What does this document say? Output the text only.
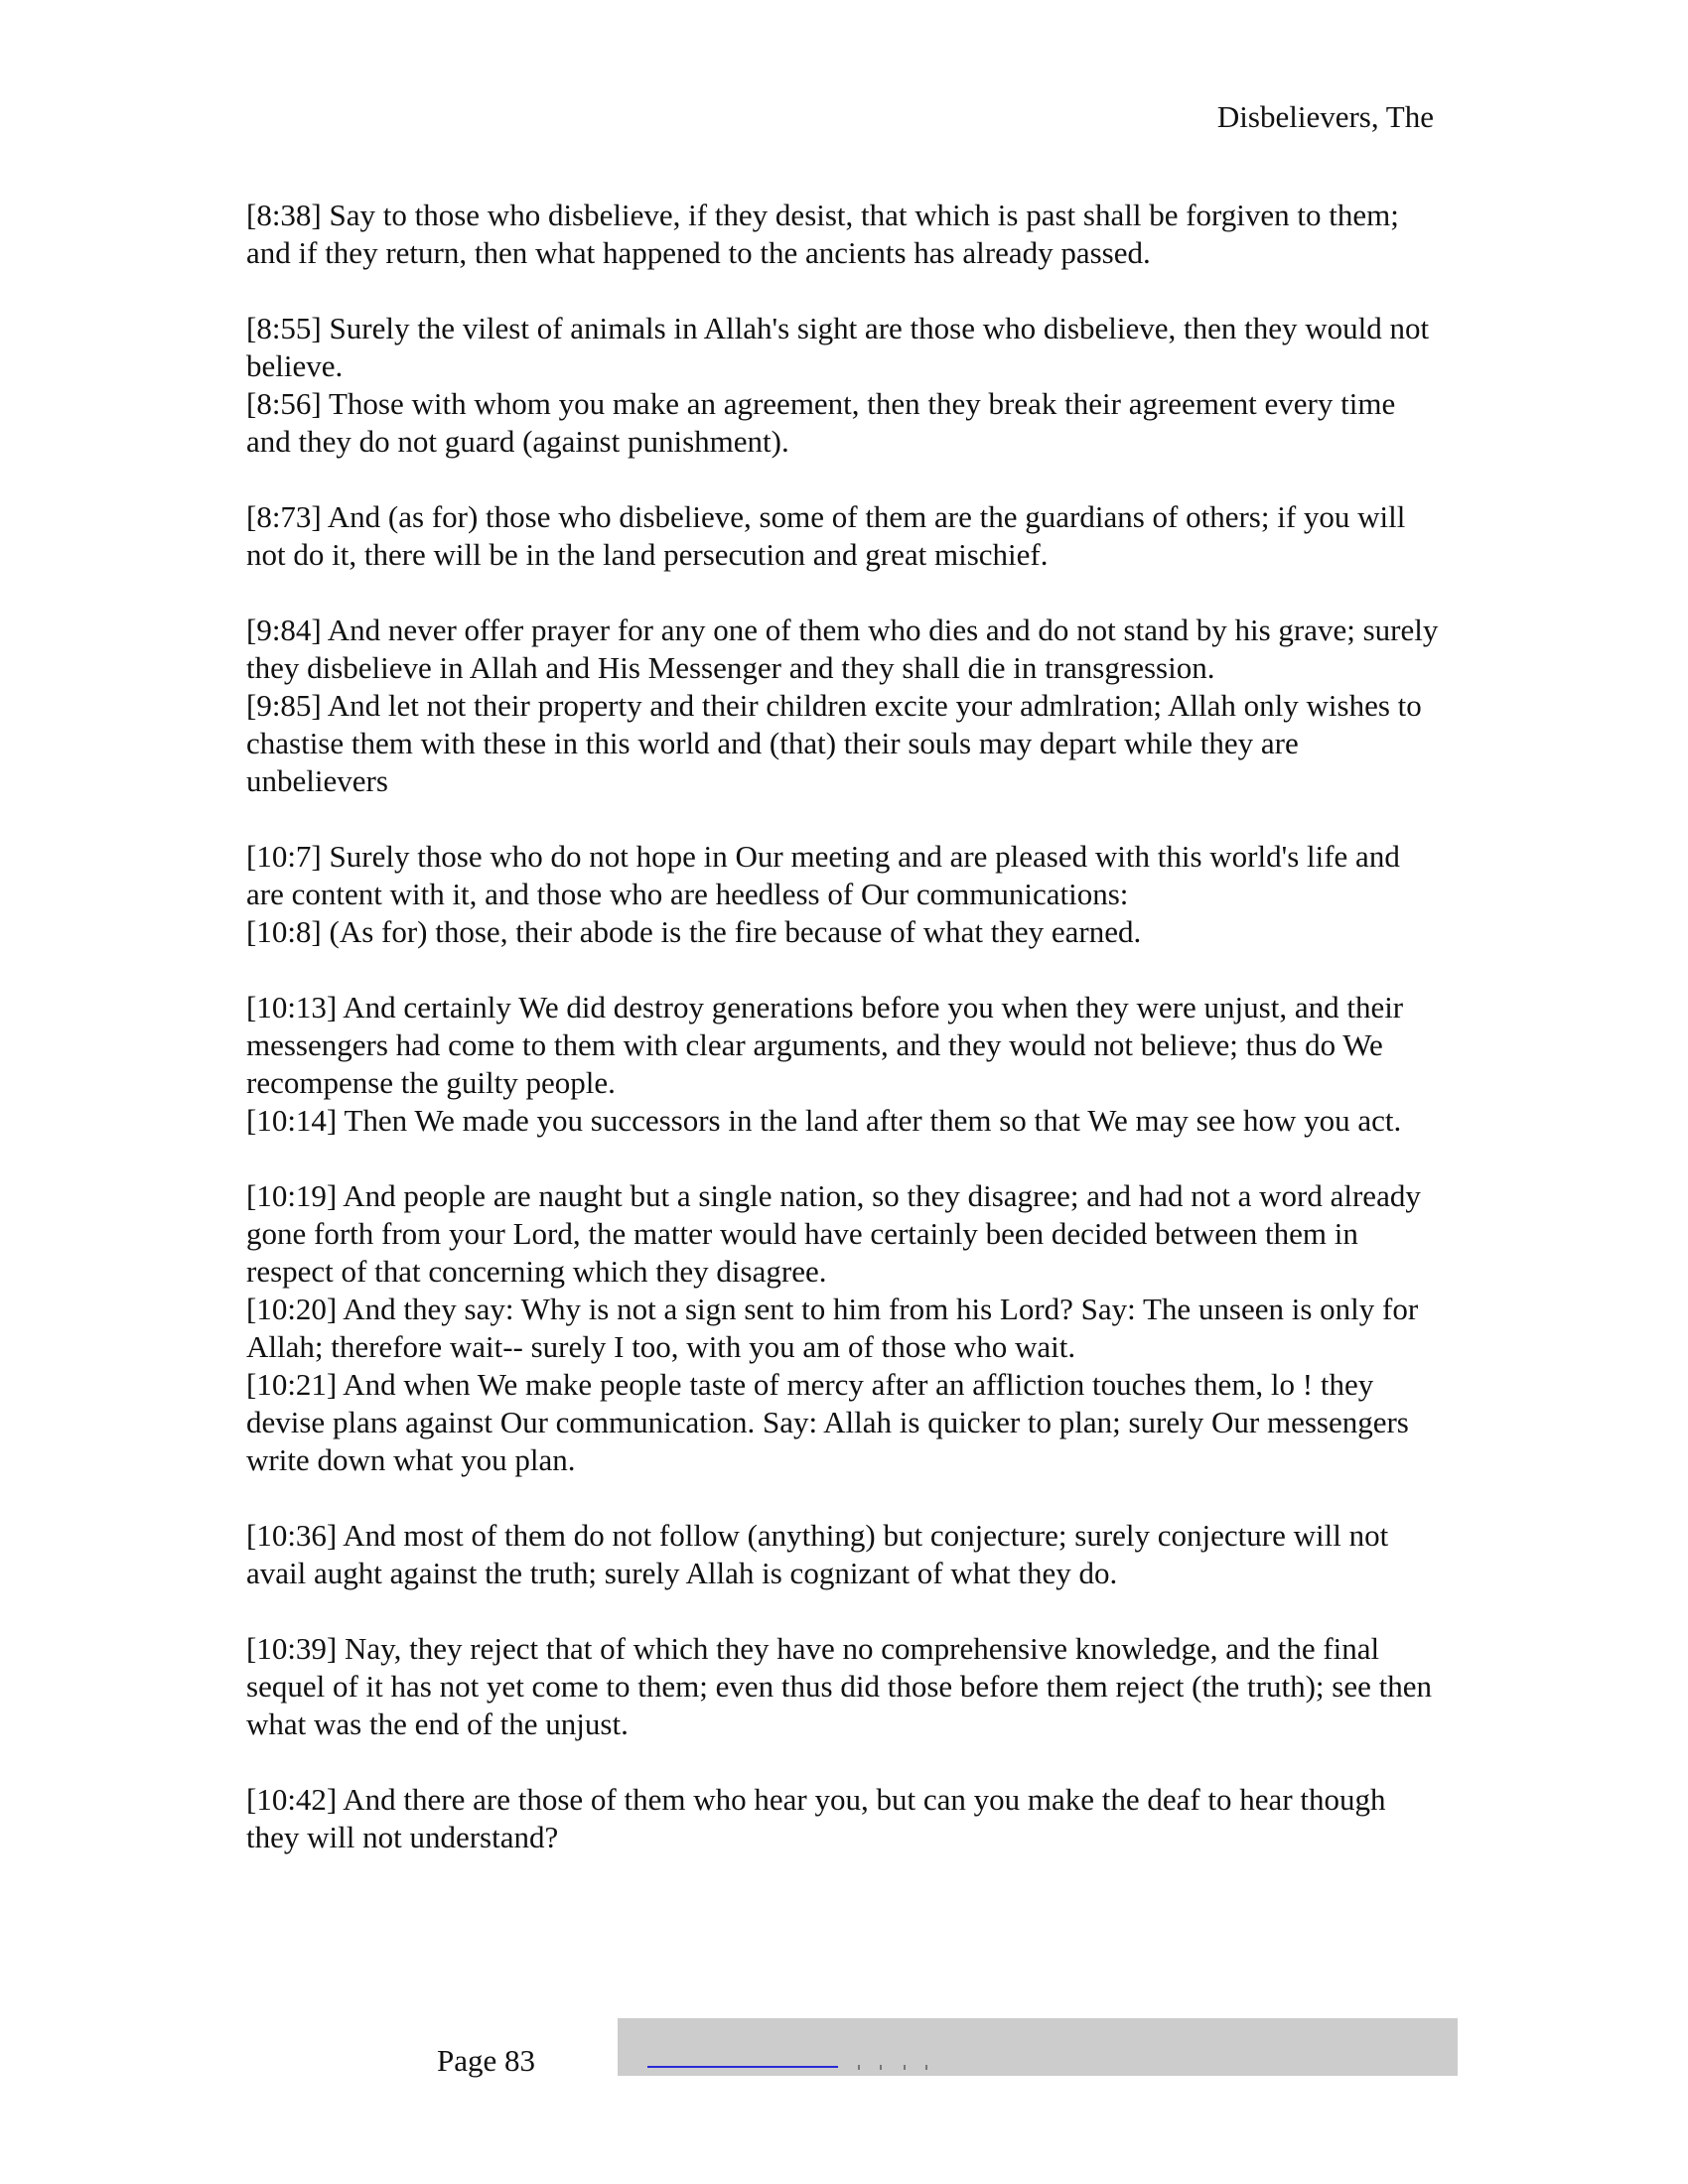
Disbelievers, The

[8:38] Say to those who disbelieve, if they desist, that which is past shall be forgiven to them; and if they return, then what happened to the ancients has already passed.

[8:55] Surely the vilest of animals in Allah's sight are those who disbelieve, then they would not believe.
[8:56] Those with whom you make an agreement, then they break their agreement every time and they do not guard (against punishment).

[8:73] And (as for) those who disbelieve, some of them are the guardians of others; if you will not do it, there will be in the land persecution and great mischief.

[9:84] And never offer prayer for any one of them who dies and do not stand by his grave; surely they disbelieve in Allah and His Messenger and they shall die in transgression.
[9:85] And let not their property and their children excite your admlration; Allah only wishes to chastise them with these in this world and (that) their souls may depart while they are unbelievers

[10:7] Surely those who do not hope in Our meeting and are pleased with this world's life and are content with it, and those who are heedless of Our communications:
[10:8] (As for) those, their abode is the fire because of what they earned.

[10:13] And certainly We did destroy generations before you when they were unjust, and their messengers had come to them with clear arguments, and they would not believe; thus do We recompense the guilty people.
[10:14] Then We made you successors in the land after them so that We may see how you act.

[10:19] And people are naught but a single nation, so they disagree; and had not a word already gone forth from your Lord, the matter would have certainly been decided between them in respect of that concerning which they disagree.
[10:20] And they say: Why is not a sign sent to him from his Lord? Say: The unseen is only for Allah; therefore wait-- surely I too, with you am of those who wait.
[10:21] And when We make people taste of mercy after an affliction touches them, lo ! they devise plans against Our communication. Say: Allah is quicker to plan; surely Our messengers write down what you plan.

[10:36] And most of them do not follow (anything) but conjecture; surely conjecture will not avail aught against the truth; surely Allah is cognizant of what they do.

[10:39] Nay, they reject that of which they have no comprehensive knowledge, and the final sequel of it has not yet come to them; even thus did those before them reject (the truth); see then what was the end of the unjust.

[10:42] And there are those of them who hear you, but can you make the deaf to hear though they will not understand?

Page 83
